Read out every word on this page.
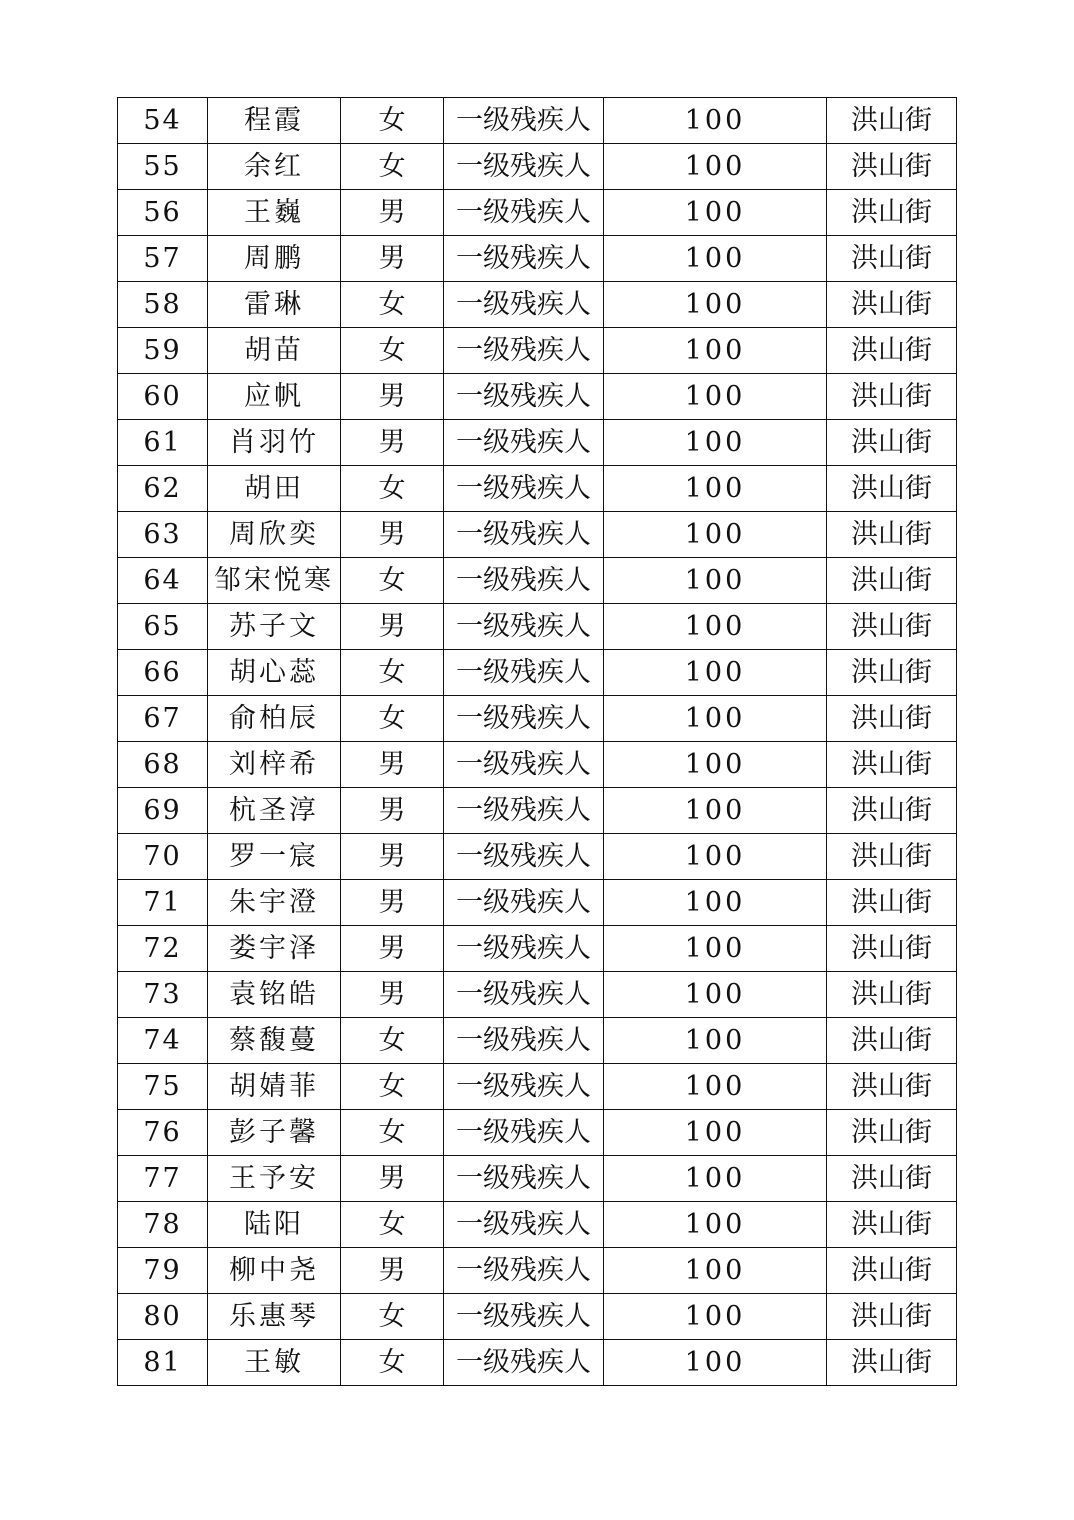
54	程霞	女	一级残疾人	100	洪山街
55	余红	女	一级残疾人	100	洪山街
56	王巍	男	一级残疾人	100	洪山街
57	周鹏	男	一级残疾人	100	洪山街
58	雷琳	女	一级残疾人	100	洪山街
59	胡苗	女	一级残疾人	100	洪山街
60	应帆	男	一级残疾人	100	洪山街
61	肖羽竹	男	一级残疾人	100	洪山街
62	胡田	女	一级残疾人	100	洪山街
63	周欣奕	男	一级残疾人	100	洪山街
64	邹宋悦寒	女	一级残疾人	100	洪山街
65	苏子文	男	一级残疾人	100	洪山街
66	胡心蕊	女	一级残疾人	100	洪山街
67	俞柏辰	女	一级残疾人	100	洪山街
68	刘梓希	男	一级残疾人	100	洪山街
69	杭圣淳	男	一级残疾人	100	洪山街
70	罗一宸	男	一级残疾人	100	洪山街
71	朱宇澄	男	一级残疾人	100	洪山街
72	娄宇泽	男	一级残疾人	100	洪山街
73	袁铭皓	男	一级残疾人	100	洪山街
74	蔡馥蔓	女	一级残疾人	100	洪山街
75	胡婧菲	女	一级残疾人	100	洪山街
76	彭子馨	女	一级残疾人	100	洪山街
77	王予安	男	一级残疾人	100	洪山街
78	陆阳	女	一级残疾人	100	洪山街
79	柳中尧	男	一级残疾人	100	洪山街
80	乐惠琴	女	一级残疾人	100	洪山街
81	王敏	女	一级残疾人	100	洪山街
